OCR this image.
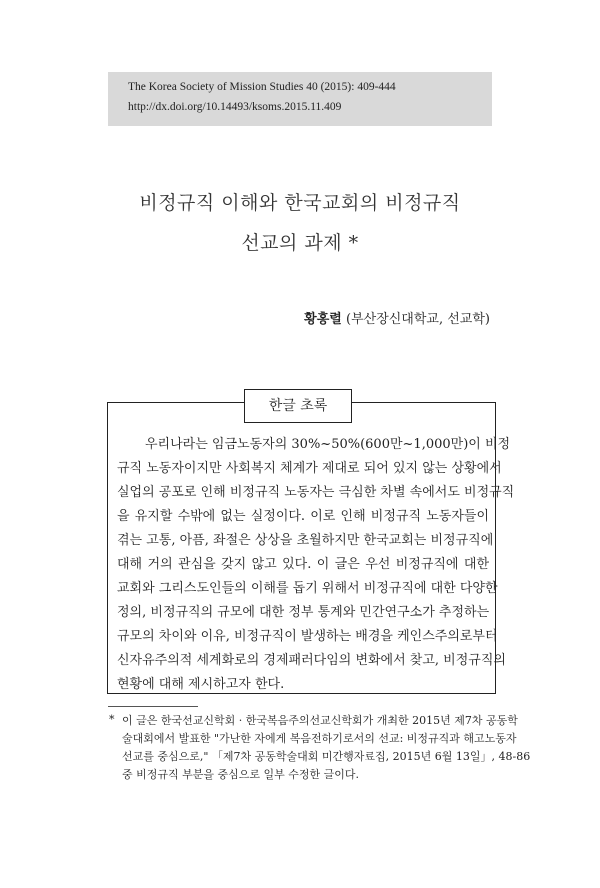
The Korea Society of Mission Studies 40 (2015): 409-444
http://dx.doi.org/10.14493/ksoms.2015.11.409
비정규직 이해와 한국교회의 비정규직
선교의 과제 *
황홍렬 (부산장신대학교, 선교학)
한글 초록
우리나라는 임금노동자의 30%~50%(600만~1,000만)이 비정
규직 노동자이지만 사회복지 체계가 제대로 되어 있지 않는 상황에서
실업의 공포로 인해 비정규직 노동자는 극심한 차별 속에서도 비정규직
을 유지할 수밖에 없는 실정이다. 이로 인해 비정규직 노동자들이
겪는 고통, 아픔, 좌절은 상상을 초월하지만 한국교회는 비정규직에
대해 거의 관심을 갖지 않고 있다. 이 글은 우선 비정규직에 대한
교회와 그리스도인들의 이해를 돕기 위해서 비정규직에 대한 다양한
정의, 비정규직의 규모에 대한 정부 통계와 민간연구소가 추정하는
규모의 차이와 이유, 비정규직이 발생하는 배경을 케인스주의로부터
신자유주의적 세계화로의 경제패러다임의 변화에서 찾고, 비정규직의
현황에 대해 제시하고자 한다.
* 이 글은 한국선교신학회 · 한국복음주의선교신학회가 개최한 2015년 제7차 공동학
술대회에서 발표한 "가난한 자에게 복음전하기로서의 선교: 비정규직과 해고노동자
선교를 중심으로," 「제7차 공동학술대회 미간행자료집, 2015년 6월 13일」, 48-86
중 비정규직 부분을 중심으로 일부 수정한 글이다.
